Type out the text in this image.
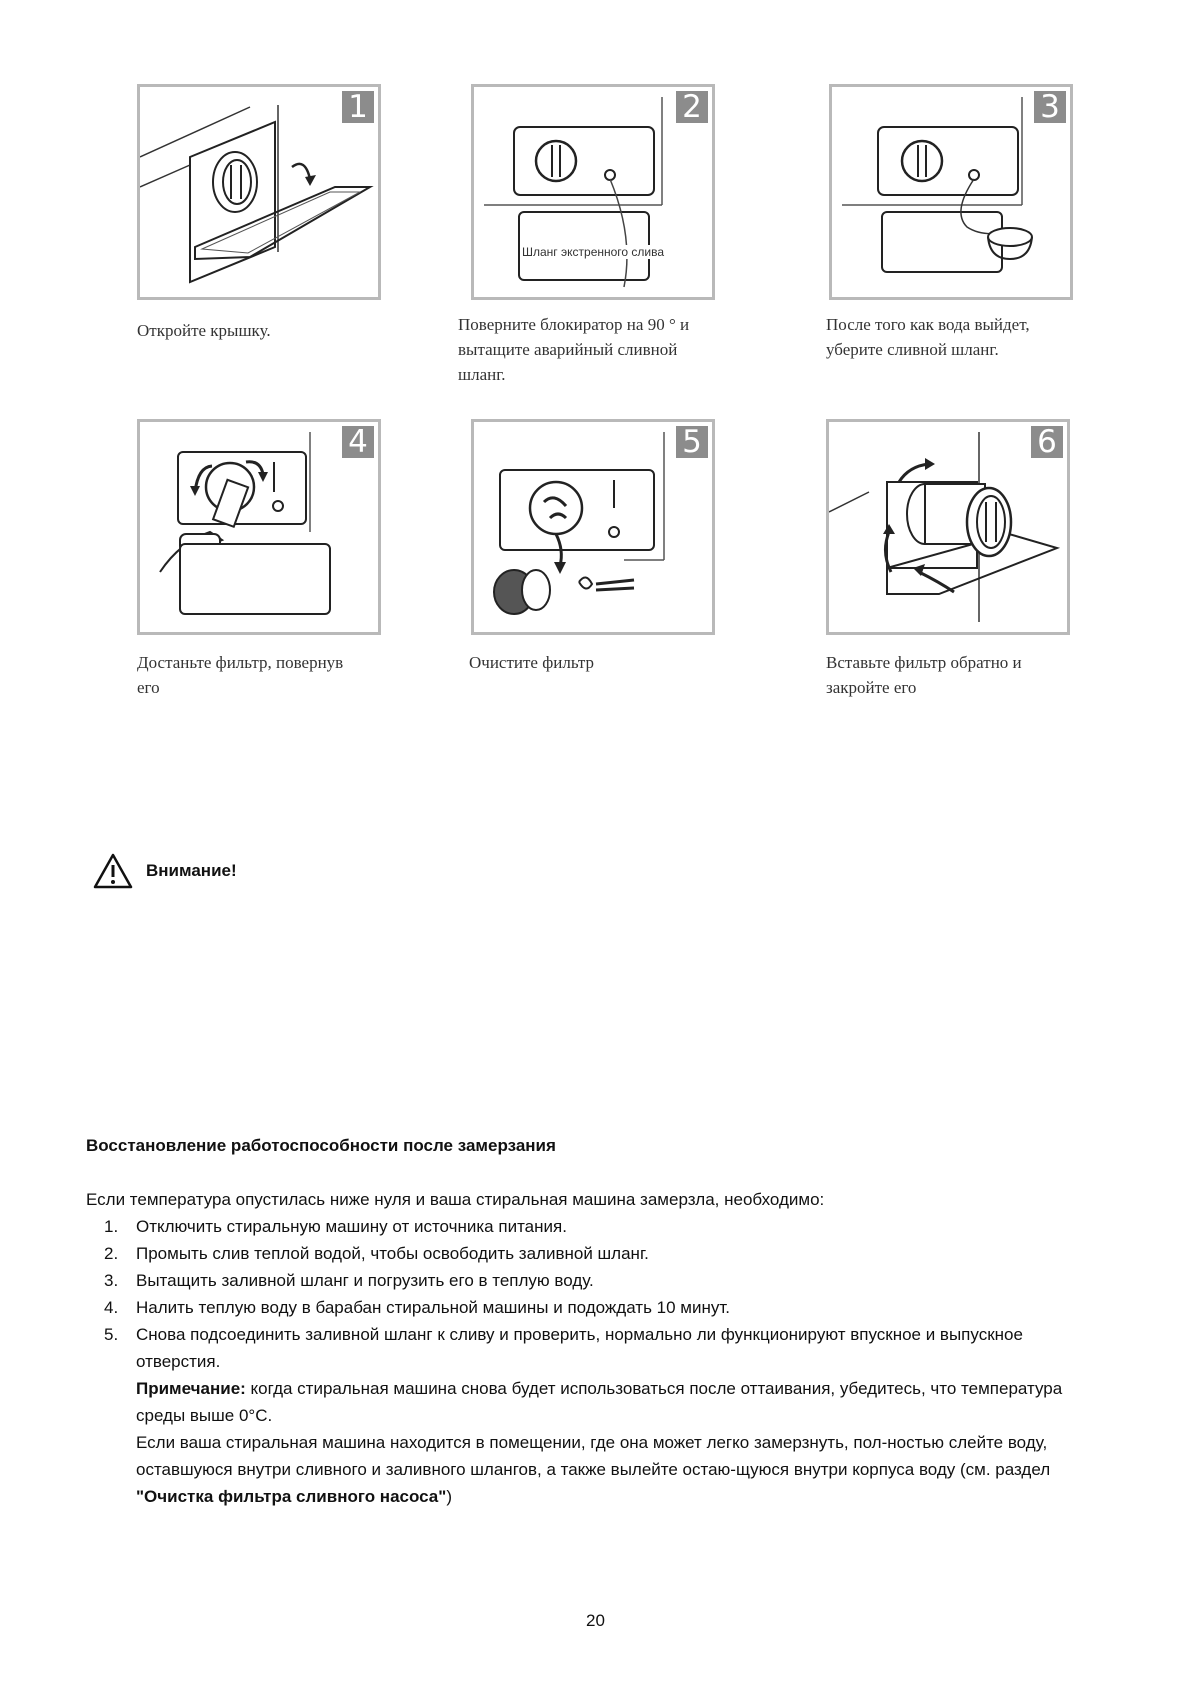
1

Откройте крышку.

Шланг экстренного слива
2

Поверните блокиратор на 90 ° и вытащите аварийный сливной шланг.

3

После того как вода выйдет, уберите сливной шланг.

4

Достаньте фильтр, повернув его

5

Очистите фильтр

6

Вставьте фильтр обратно и закройте его

Внимание!
Восстановление работоспособности после замерзания

Если температура опустилась ниже нуля и ваша стиральная машина замерзла, необходимо:

1. Отключить стиральную машину от источника питания.
2. Промыть слив теплой водой, чтобы освободить заливной шланг.
3. Вытащить заливной шланг и погрузить его в теплую воду.
4. Налить теплую воду в барабан стиральной машины и подождать 10 минут.
5. Снова подсоединить заливной шланг к сливу и проверить, нормально ли функционируют впускное и выпускное отверстия.

Примечание: когда стиральная машина снова будет использоваться после оттаивания, убедитесь, что температура среды выше 0°С.

Если ваша стиральная машина находится в помещении, где она может легко замерзнуть, пол-ностью слейте воду, оставшуюся внутри сливного и заливного шлангов, а также вылейте остаю-щуюся внутри корпуса воду (см. раздел "Очистка фильтра сливного насоса")

20
